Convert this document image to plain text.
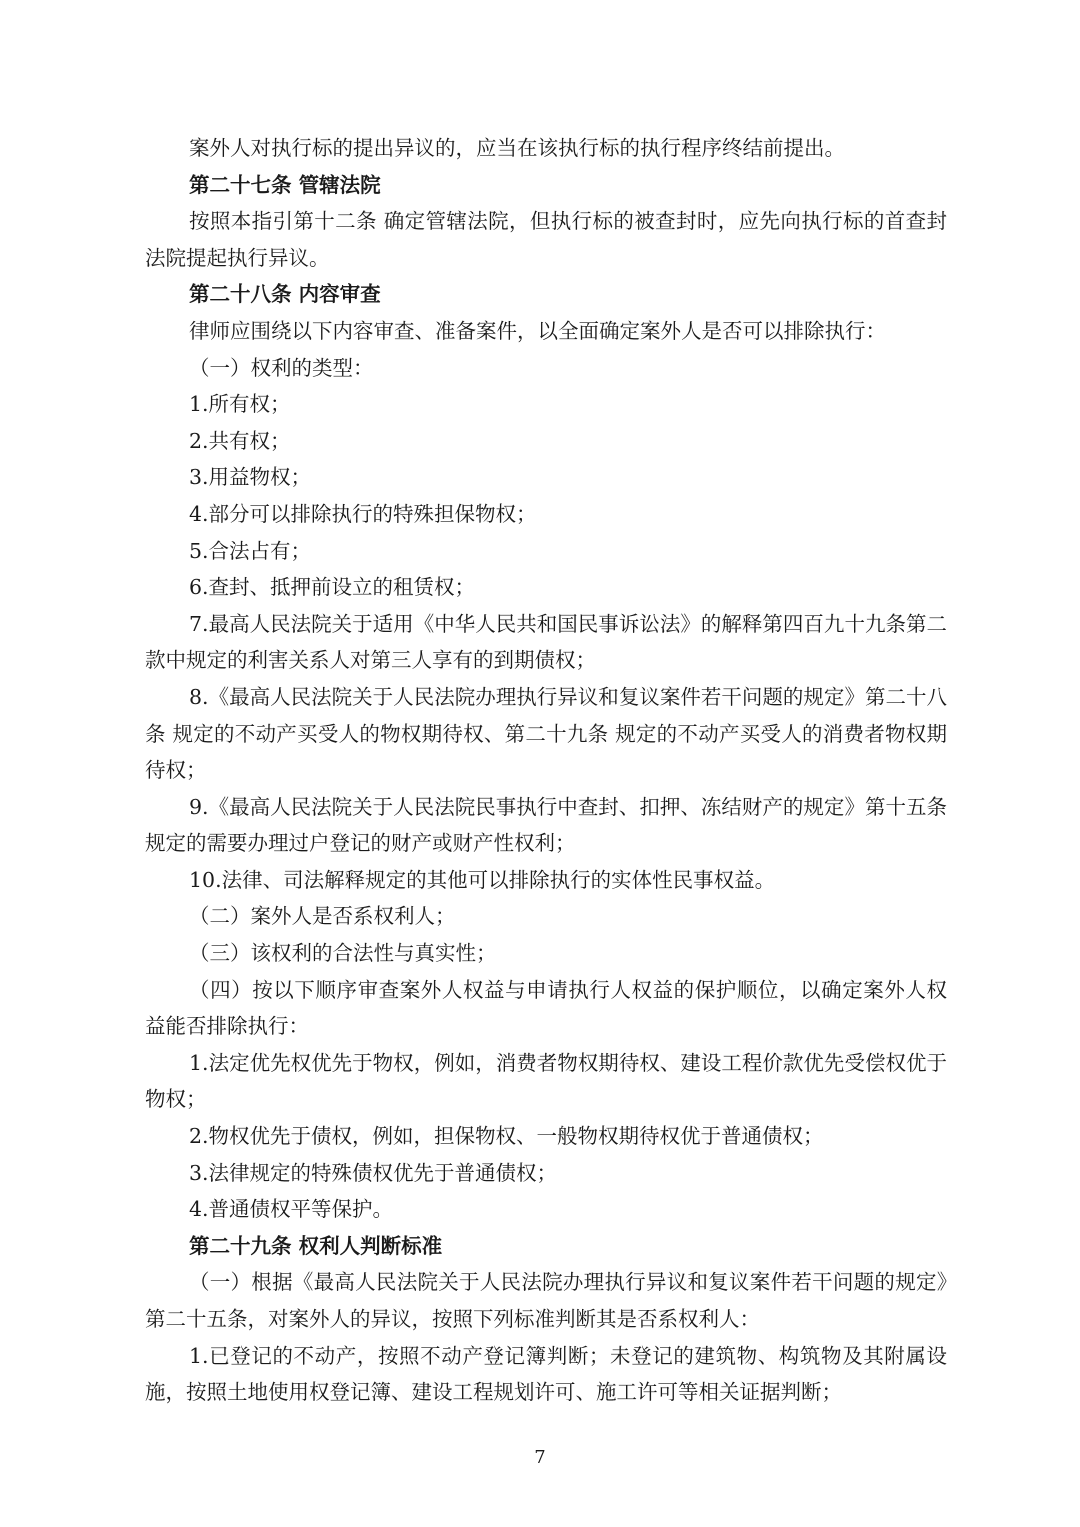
案外人对执行标的提出异议的，应当在该执行标的执行程序终结前提出。

第二十七条 管辖法院

按照本指引第十二条 确定管辖法院，但执行标的被查封时，应先向执行标的首查封法院提起执行异议。

第二十八条 内容审查

律师应围绕以下内容审查、准备案件，以全面确定案外人是否可以排除执行：

（一）权利的类型：

1.所有权；

2.共有权；

3.用益物权；

4.部分可以排除执行的特殊担保物权；

5.合法占有；

6.查封、抵押前设立的租赁权；

7.最高人民法院关于适用《中华人民共和国民事诉讼法》的解释第四百九十九条第二款中规定的利害关系人对第三人享有的到期债权；

8.《最高人民法院关于人民法院办理执行异议和复议案件若干问题的规定》第二十八条 规定的不动产买受人的物权期待权、第二十九条 规定的不动产买受人的消费者物权期待权；

9.《最高人民法院关于人民法院民事执行中查封、扣押、冻结财产的规定》第十五条 规定的需要办理过户登记的财产或财产性权利；

10.法律、司法解释规定的其他可以排除执行的实体性民事权益。

（二）案外人是否系权利人；

（三）该权利的合法性与真实性；

（四）按以下顺序审查案外人权益与申请执行人权益的保护顺位，以确定案外人权益能否排除执行：

1.法定优先权优先于物权，例如，消费者物权期待权、建设工程价款优先受偿权优于物权；

2.物权优先于债权，例如，担保物权、一般物权期待权优于普通债权；

3.法律规定的特殊债权优先于普通债权；

4.普通债权平等保护。

第二十九条 权利人判断标准

（一）根据《最高人民法院关于人民法院办理执行异议和复议案件若干问题的规定》第二十五条，对案外人的异议，按照下列标准判断其是否系权利人：

1.已登记的不动产，按照不动产登记簿判断；未登记的建筑物、构筑物及其附属设施，按照土地使用权登记簿、建设工程规划许可、施工许可等相关证据判断；

7
